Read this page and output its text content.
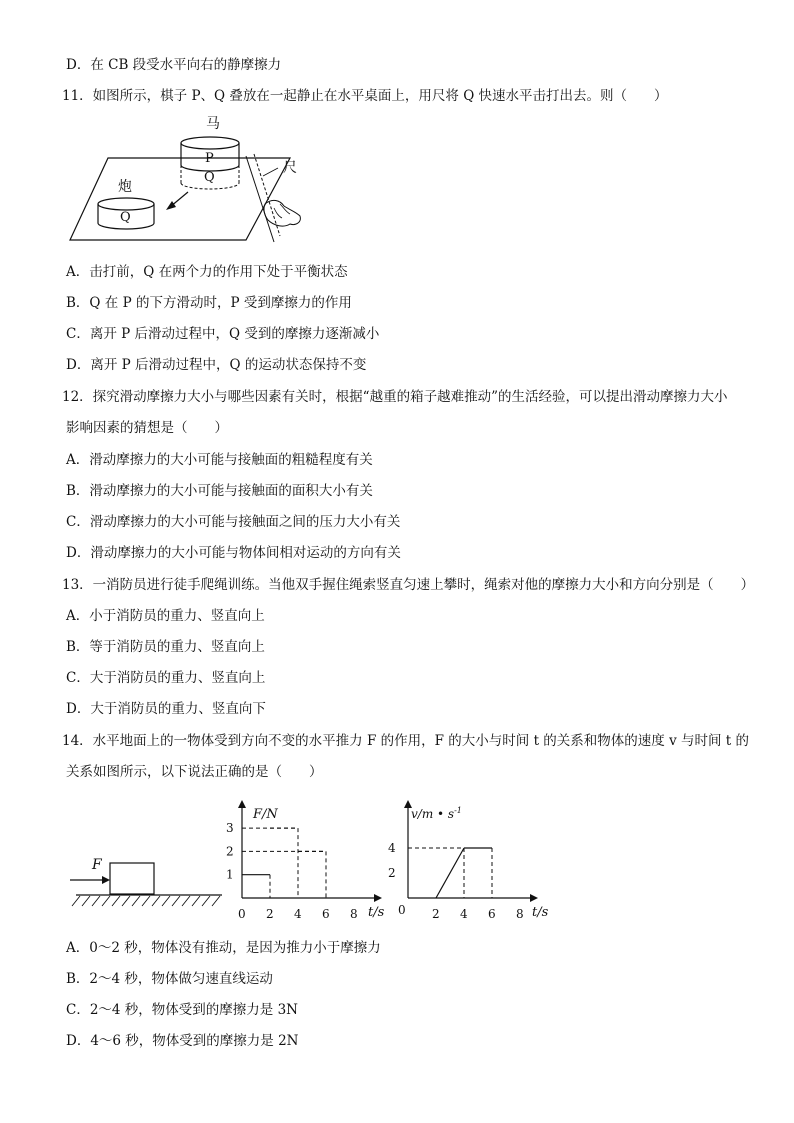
D．在 CB 段受水平向右的静摩擦力
11．如图所示，棋子 P、Q 叠放在一起静止在水平桌面上，用尺将 Q 快速水平击打出去。则（　　）
马
P
Q
炮
Q
尺
A．击打前，Q 在两个力的作用下处于平衡状态
B．Q 在 P 的下方滑动时，P 受到摩擦力的作用
C．离开 P 后滑动过程中，Q 受到的摩擦力逐渐减小
D．离开 P 后滑动过程中，Q 的运动状态保持不变
12．探究滑动摩擦力大小与哪些因素有关时，根据“越重的箱子越难推动”的生活经验，可以提出滑动摩擦力大小
影响因素的猜想是（　　）
A．滑动摩擦力的大小可能与接触面的粗糙程度有关
B．滑动摩擦力的大小可能与接触面的面积大小有关
C．滑动摩擦力的大小可能与接触面之间的压力大小有关
D．滑动摩擦力的大小可能与物体间相对运动的方向有关
13．一消防员进行徒手爬绳训练。当他双手握住绳索竖直匀速上攀时，绳索对他的摩擦力大小和方向分别是（　　）
A．小于消防员的重力、竖直向上
B．等于消防员的重力、竖直向上
C．大于消防员的重力、竖直向上
D．大于消防员的重力、竖直向下
14．水平地面上的一物体受到方向不变的水平推力 F 的作用，F 的大小与时间 t 的关系和物体的速度 v 与时间 t 的
关系如图所示，以下说法正确的是（　　）
F
F/N
t/s
0 2 4 6 8
1
2
3
v/m • $s^{-1}$
t/s
0 2 4 6 8
2
4
A．0～2 秒，物体没有推动，是因为推力小于摩擦力
B．2～4 秒，物体做匀速直线运动
C．2～4 秒，物体受到的摩擦力是 3N
D．4～6 秒，物体受到的摩擦力是 2N
